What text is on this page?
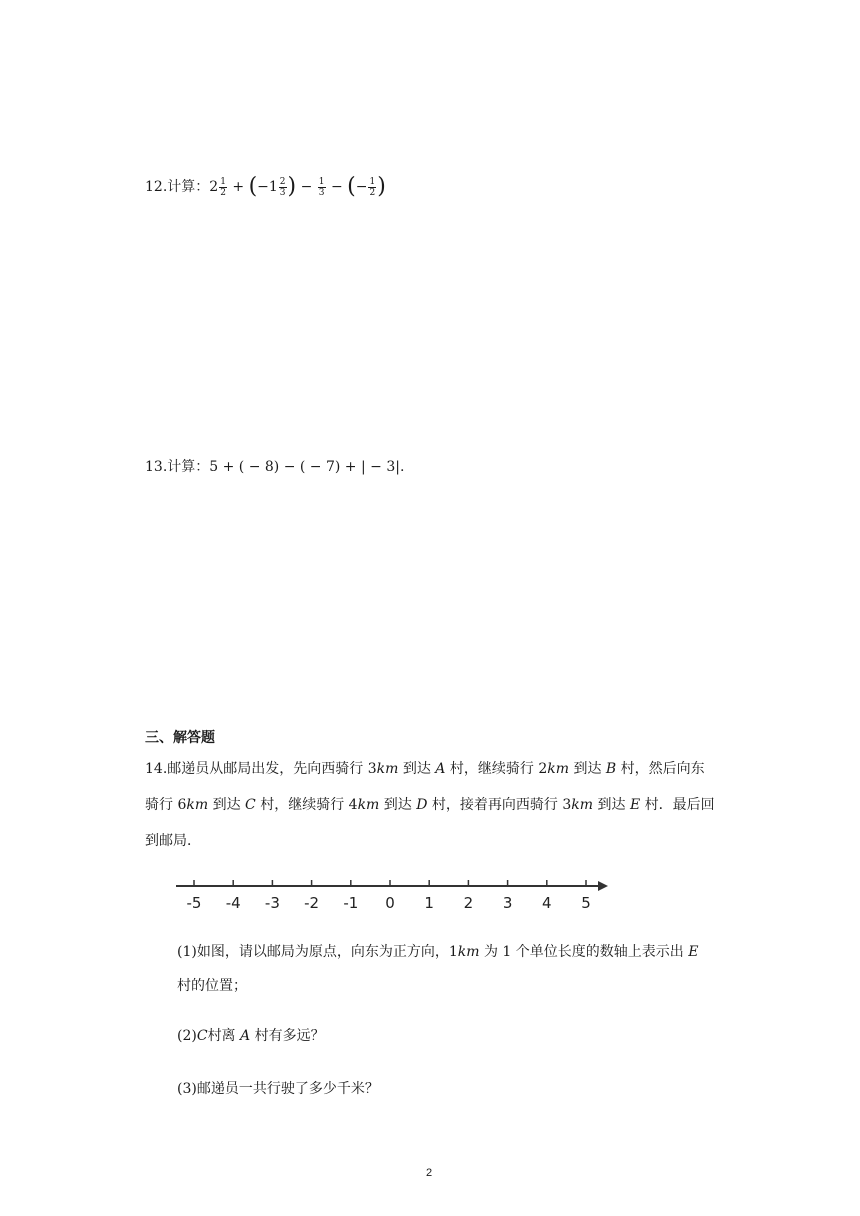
12.计算：$2 \frac{1}{2} + (-1 \frac{2}{3}$ ) − $\frac{1}{3}$ − (− $\frac{1}{2}$ )
13.计算：5 + ( − 8) − ( − 7) + | − 3|.
三、解答题
14.邮递员从邮局出发，先向西骑行 3km 到达 A 村，继续骑行 2km 到达 B 村，然后向东
骑行 6km 到达 C 村，继续骑行 4km 到达 D 村，接着再向西骑行 3km 到达 E 村．最后回
到邮局．
-5 -4 -3 -2 -1 0 1 2 3 4 5
(1)如图，请以邮局为原点，向东为正方向，1km 为 1 个单位长度的数轴上表示出 E
村的位置；
(2)C村离 A 村有多远？
(3)邮递员一共行驶了多少千米？
2
